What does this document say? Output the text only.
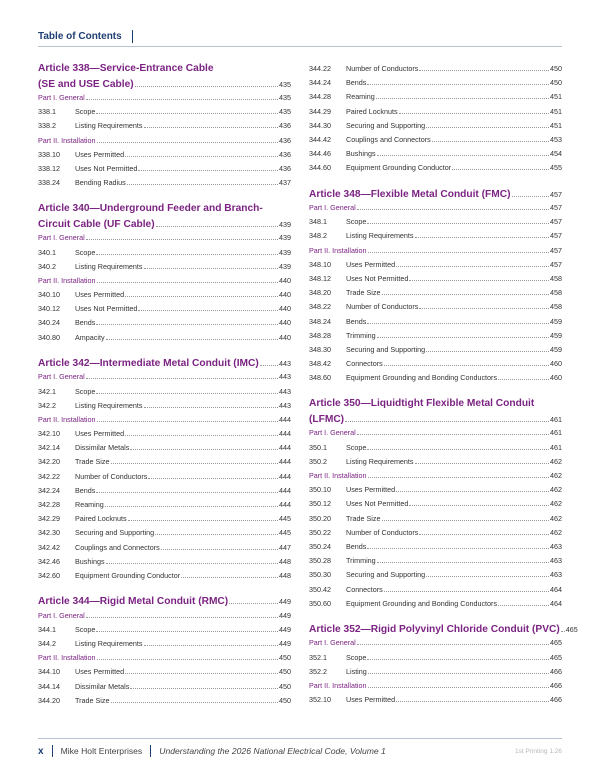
Table of Contents
Article 338—Service-Entrance Cable
(SE and USE Cable)	435
Part I. General	435
338.1	Scope	435
338.2	Listing Requirements	436
Part II. Installation	436
338.10	Uses Permitted	436
338.12	Uses Not Permitted	436
338.24	Bending Radius	437
Article 340—Underground Feeder and Branch-
Circuit Cable (UF Cable)	439
Part I. General	439
340.1	Scope	439
340.2	Listing Requirements	439
Part II. Installation	440
340.10	Uses Permitted	440
340.12	Uses Not Permitted	440
340.24	Bends	440
340.80	Ampacity	440
Article 342—Intermediate Metal Conduit (IMC)	443
Part I. General	443
342.1	Scope	443
342.2	Listing Requirements	443
Part II. Installation	444
342.10	Uses Permitted	444
342.14	Dissimilar Metals	444
342.20	Trade Size	444
342.22	Number of Conductors	444
342.24	Bends	444
342.28	Reaming	444
342.29	Paired Locknuts	445
342.30	Securing and Supporting	445
342.42	Couplings and Connectors	447
342.46	Bushings	448
342.60	Equipment Grounding Conductor	448
Article 344—Rigid Metal Conduit (RMC)	449
Part I. General	449
344.1	Scope	449
344.2	Listing Requirements	449
Part II. Installation	450
344.10	Uses Permitted	450
344.14	Dissimilar Metals	450
344.20	Trade Size	450
344.22	Number of Conductors	450
344.24	Bends	450
344.28	Reaming	451
344.29	Paired Locknuts	451
344.30	Securing and Supporting	451
344.42	Couplings and Connectors	453
344.46	Bushings	454
344.60	Equipment Grounding Conductor	455
Article 348—Flexible Metal Conduit (FMC)	457
Part I. General	457
348.1	Scope	457
348.2	Listing Requirements	457
Part II. Installation	457
348.10	Uses Permitted	457
348.12	Uses Not Permitted	458
348.20	Trade Size	458
348.22	Number of Conductors	458
348.24	Bends	459
348.28	Trimming	459
348.30	Securing and Supporting	459
348.42	Connectors	460
348.60	Equipment Grounding and Bonding Conductors	460
Article 350—Liquidtight Flexible Metal Conduit
(LFMC)	461
Part I. General	461
350.1	Scope	461
350.2	Listing Requirements	462
Part II. Installation	462
350.10	Uses Permitted	462
350.12	Uses Not Permitted	462
350.20	Trade Size	462
350.22	Number of Conductors	462
350.24	Bends	463
350.28	Trimming	463
350.30	Securing and Supporting	463
350.42	Connectors	464
350.60	Equipment Grounding and Bonding Conductors	464
Article 352—Rigid Polyvinyl Chloride Conduit (PVC) 465
Part I. General	465
352.1	Scope	465
352.2	Listing	466
Part II. Installation	466
352.10	Uses Permitted	466
x Mike Holt Enterprises Understanding the 2026 National Electrical Code, Volume 1	1st Printing 1.26
